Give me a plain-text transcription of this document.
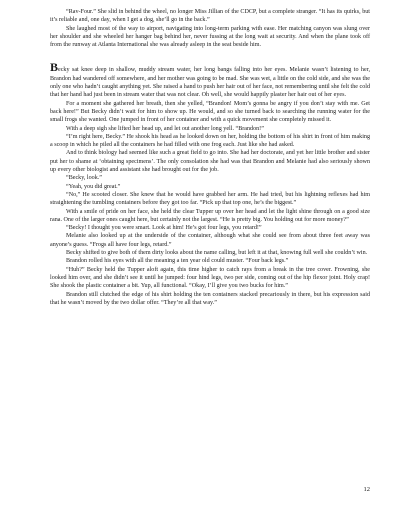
“Rav-Four.” She slid in behind the wheel, no longer Miss Jillian of the CDCP, but a complete stranger. “It has its quirks, but it’s reliable and, one day, when I get a dog, she’ll go in the back.”

She laughed most of the way to airport, navigating into long-term parking with ease. Her matching canyon was slung over her shoulder and she wheeled her hanger bag behind her, never fussing at the long wait at security. And when the plane took off from the runway at Atlanta International she was already asleep in the seat beside him.

Becky sat knee deep in shallow, muddy stream water, her long bangs falling into her eyes. Melanie wasn’t listening to her, Brandon had wandered off somewhere, and her mother was going to be mad. She was wet, a little on the cold side, and she was the only one who hadn’t caught anything yet. She raised a hand to push her hair out of her face, not remembering until she felt the cold that her hand had just been in stream water that was not clear. Oh well, she would happily plaster her hair out of her eyes.

For a moment she gathered her breath, then she yelled, “Brandon! Mom’s gonna be angry if you don’t stay with me. Get back here!” But Becky didn’t wait for him to show up. He would, and so she turned back to searching the running water for the small frogs she wanted. One jumped in front of her container and with a quick movement she completely missed it.

With a deep sigh she lifted her head up, and let out another long yell. “Brandon!”

“I’m right here, Becky.” He shook his head as he looked down on her, holding the bottom of his shirt in front of him making a scoop in which he piled all the containers he had filled with one frog each. Just like she had asked.

And to think biology had seemed like such a great field to go into. She had her doctorate, and yet her little brother and sister put her to shame at ‘obtaining specimens’. The only consolation she had was that Brandon and Melanie had also seriously shown up every other biologist and assistant she had brought out for the job.

“Becky, look.”

“Yeah, you did great.”

“No,” He scooted closer. She knew that he would have grabbed her arm. He had tried, but his lightning reflexes had him straightening the tumbling containers before they got too far. “Pick up that top one, he’s the biggest.”

With a smile of pride on her face, she held the clear Tupper up over her head and let the light shine through on a good size rana. One of the larger ones caught here, but certainly not the largest. “He is pretty big. You holding out for more money?”

“Becky! I thought you were smart. Look at him! He’s got four legs, you retard!”

Melanie also looked up at the underside of the container, although what she could see from about three feet away was anyone’s guess. “Frogs all have four legs, retard.”

Becky shifted to give both of them dirty looks about the name calling, but left it at that, knowing full well she couldn’t win.

Brandon rolled his eyes with all the meaning a ten year old could muster. “Four back legs.”

“Huh?” Becky held the Tupper aloft again, this time higher to catch rays from a break in the tree cover. Frowning, she looked him over, and she didn’t see it until he jumped: four hind legs, two per side, coming out of the hip flexor joint. Holy crap! She shook the plastic container a bit. Yup, all functional. “Okay, I’ll give you two bucks for him.”

Brandon still clutched the edge of his shirt holding the ten containers stacked precariously in there, but his expression said that he wasn’t moved by the two dollar offer. “They’re all that way.”

12
